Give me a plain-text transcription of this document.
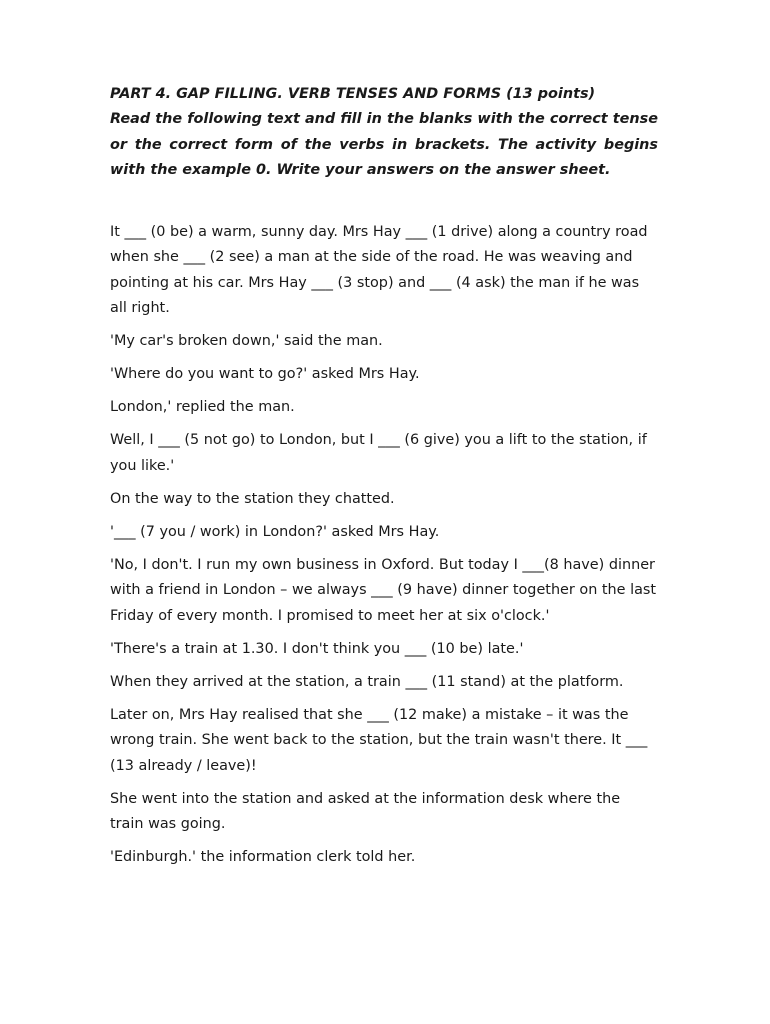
PART 4. GAP FILLING. VERB TENSES AND FORMS (13 points)
Read the following text and fill in the blanks with the correct tense or the correct form of the verbs in brackets. The activity begins with the example 0. Write your answers on the answer sheet.

It ___ (0 be) a warm, sunny day. Mrs Hay ___ (1 drive) along a country road when she ___ (2 see) a man at the side of the road. He was weaving and pointing at his car. Mrs Hay ___ (3 stop) and ___ (4 ask) the man if he was all right.

'My car's broken down,' said the man.

'Where do you want to go?' asked Mrs Hay.

London,' replied the man.

Well, I ___ (5 not go) to London, but I ___ (6 give) you a lift to the station, if you like.'

On the way to the station they chatted.

'___ (7 you / work) in London?' asked Mrs Hay.

'No, I don't. I run my own business in Oxford. But today I ___(8 have) dinner with a friend in London – we always ___ (9 have) dinner together on the last Friday of every month. I promised to meet her at six o'clock.'

'There's a train at 1.30. I don't think you ___ (10 be) late.'

When they arrived at the station, a train ___ (11 stand) at the platform.

Later on, Mrs Hay realised that she ___ (12 make) a mistake – it was the wrong train. She went back to the station, but the train wasn't there. It ___ (13 already / leave)!

She went into the station and asked at the information desk where the train was going.

'Edinburgh.' the information clerk told her.
